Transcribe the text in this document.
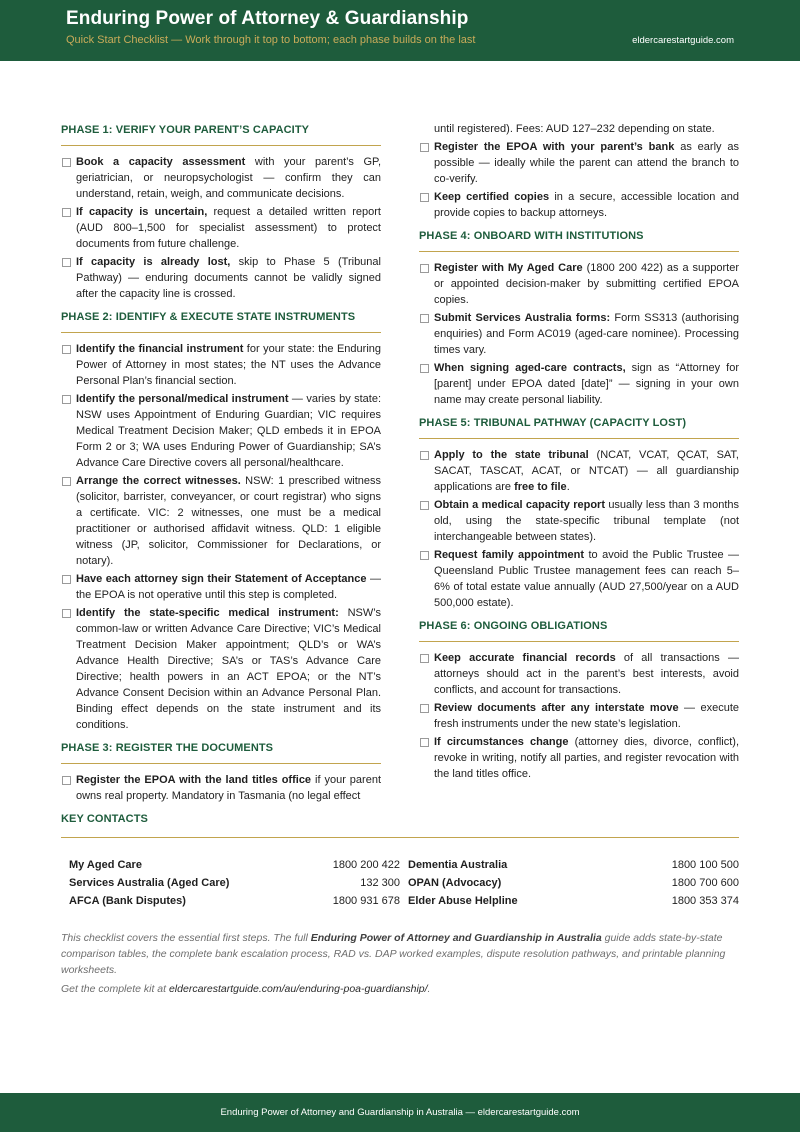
Enduring Power of Attorney & Guardianship
Quick Start Checklist — Work through it top to bottom; each phase builds on the last	eldercarestartguide.com
PHASE 1: VERIFY YOUR PARENT’S CAPACITY
Book a capacity assessment with your parent’s GP, geriatrician, or neuropsychologist — confirm they can understand, retain, weigh, and communicate decisions.
If capacity is uncertain, request a detailed written report (AUD 800–1,500 for specialist assessment) to protect documents from future challenge.
If capacity is already lost, skip to Phase 5 (Tribunal Pathway) — enduring documents cannot be validly signed after the capacity line is crossed.
PHASE 2: IDENTIFY & EXECUTE STATE INSTRUMENTS
Identify the financial instrument for your state: the Enduring Power of Attorney in most states; the NT uses the Advance Personal Plan’s financial section.
Identify the personal/medical instrument — varies by state: NSW uses Appointment of Enduring Guardian; VIC requires Medical Treatment Decision Maker; QLD embeds it in EPOA Form 2 or 3; WA uses Enduring Power of Guardianship; SA’s Advance Care Directive covers all personal/healthcare.
Arrange the correct witnesses. NSW: 1 prescribed witness (solicitor, barrister, conveyancer, or court registrar) who signs a certificate. VIC: 2 witnesses, one must be a medical practitioner or authorised affidavit witness. QLD: 1 eligible witness (JP, solicitor, Commissioner for Declarations, or notary).
Have each attorney sign their Statement of Acceptance — the EPOA is not operative until this step is completed.
Identify the state-specific medical instrument: NSW’s common-law or written Advance Care Directive; VIC’s Medical Treatment Decision Maker appointment; QLD’s or WA’s Advance Health Directive; SA’s or TAS’s Advance Care Directive; health powers in an ACT EPOA; or the NT’s Advance Consent Decision within an Advance Personal Plan. Binding effect depends on the state instrument and its conditions.
PHASE 3: REGISTER THE DOCUMENTS
Register the EPOA with the land titles office if your parent owns real property. Mandatory in Tasmania (no legal effect
until registered). Fees: AUD 127–232 depending on state.
Register the EPOA with your parent’s bank as early as possible — ideally while the parent can attend the branch to co-verify.
Keep certified copies in a secure, accessible location and provide copies to backup attorneys.
PHASE 4: ONBOARD WITH INSTITUTIONS
Register with My Aged Care (1800 200 422) as a supporter or appointed decision-maker by submitting certified EPOA copies.
Submit Services Australia forms: Form SS313 (authorising enquiries) and Form AC019 (aged-care nominee). Processing times vary.
When signing aged-care contracts, sign as “Attorney for [parent] under EPOA dated [date]” — signing in your own name may create personal liability.
PHASE 5: TRIBUNAL PATHWAY (CAPACITY LOST)
Apply to the state tribunal (NCAT, VCAT, QCAT, SAT, SACAT, TASCAT, ACAT, or NTCAT) — all guardianship applications are free to file.
Obtain a medical capacity report usually less than 3 months old, using the state-specific tribunal template (not interchangeable between states).
Request family appointment to avoid the Public Trustee — Queensland Public Trustee management fees can reach 5–6% of total estate value annually (AUD 27,500/year on a AUD 500,000 estate).
PHASE 6: ONGOING OBLIGATIONS
Keep accurate financial records of all transactions — attorneys should act in the parent’s best interests, avoid conflicts, and account for transactions.
Review documents after any interstate move — execute fresh instruments under the new state’s legislation.
If circumstances change (attorney dies, divorce, conflict), revoke in writing, notify all parties, and register revocation with the land titles office.
KEY CONTACTS
My Aged Care	1800 200 422 Dementia Australia	1800 100 500
Services Australia (Aged Care)	132 300 OPAN (Advocacy)	1800 700 600
AFCA (Bank Disputes)	1800 931 678 Elder Abuse Helpline	1800 353 374

This checklist covers the essential first steps. The full Enduring Power of Attorney and Guardianship in Australia guide adds state-by-state comparison tables, the complete bank escalation process, RAD vs. DAP worked examples, dispute resolution pathways, and printable planning worksheets.

Get the complete kit at eldercarestartguide.com/au/enduring-poa-guardianship/.

Enduring Power of Attorney and Guardianship in Australia — eldercarestartguide.com
